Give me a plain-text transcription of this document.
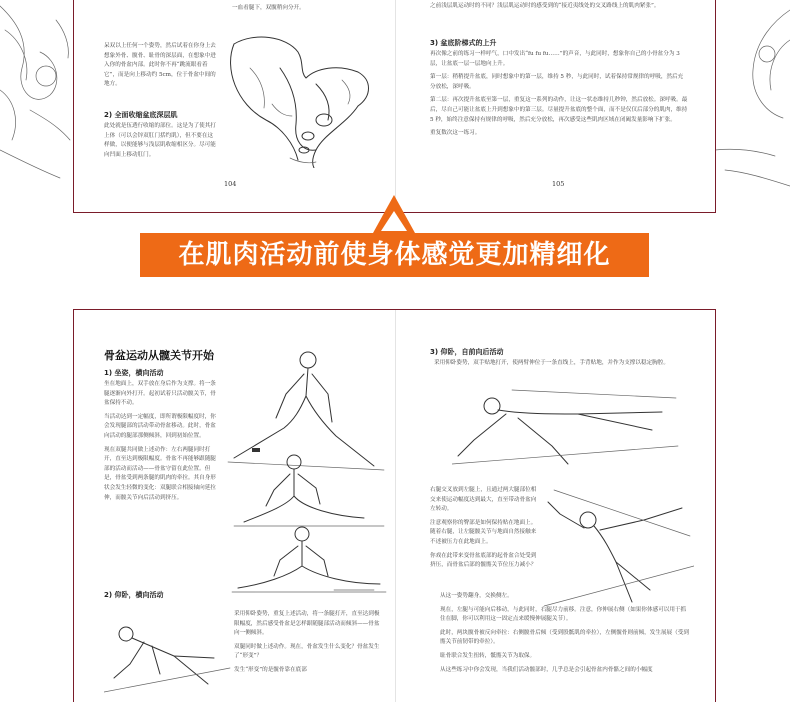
一血看腿下，双髋稍向分开。

呆双以上任何一个姿势，然后试着在你身上去想象外骨、髋骨、耻骨的深层面，在想象中进入你的骨盆内部。此时你不再“跳流眼看着它”，而是向上移动约 5cm，位于骨盆中间的地方。

2) 全面收缩盆底深层肌

此处就是伍透行收缩的部位。这是为了使其打上体（可以会锌双肛门括约肌），但不要在这样做，以便能够与浅层肌收缩相区分。尽可能向凹面上移动肛门。

104
之前浅层肌运动时的不同？浅层肌运动时的感受到的“接近夷线处的交叉路线上的肌肉紧张”。
3) 盆底阶梯式的上升

再次像之前的练习一样呼气，口中发出“fu fu fu……”的声音，与此同时，想象你自己的小骨盆分为 3 层，让盆底一层一层地向上升。

第一层：稍稍提升盆底，同时想象中的第一层，维持 5 秒，与此同时，试着保持常规律的呼吸，然后充分放松，深呼吸。

第二层：再次提升盆底至第一层，重复这一系列的动作，让这一状态维持几秒钟，然后放松。深呼吸。最后，尽自己可能让盆底上升到想象中的第三层。尽量提升盆底的整个面，而不是仅仅后部分的肌肉，维持 5 秒，始终注意保持有规律的呼吸，然后充分放松，再次感受这些肌肉区域在闭阖发量影响下扩张。

重复数次这一练习。

105
在肌肉活动前使身体感觉更加精细化
骨盆运动从髋关节开始
1) 坐姿，横向活动

坐在地面上，双手放在身后作为支撑。将一条腿逐渐向外打开。起初试着只活动髋关节，骨盆保持不动。

当活动达到一定幅度，即所谓极限幅度时，你会发现腿部的活动带动骨盆移动。此时，骨盆向活动的腿部那侧倾斜，回到初始位置。

现在双腿共同做上述动作：左右两腿同时打开，直至达到极限幅度。骨盆不再能够跟随腿部的活动而活动——骨盆守留在此位置。但是，骨盆受到两条腿的肌肉的牵拉。其自身形状会发生轻微的变化：双腿联合相接轴向延拉伸，而髋关节向后活动到挤压。

2) 仰卧，横向活动

采用仰卧姿势，重复上述活动，将一条腿打开，直至达到极限幅度，然后感受骨盆是怎样跟随腿部活动而倾斜——骨盆向一侧倾斜。

双腿同时做上述动作。现在，骨盆发生什么变化？骨盆发生了“形变”？

发生“形变”的是髋骨靠在底部

3) 仰卧，自前向后活动

采用仰卧姿势，双手贴地打开，使两臂伸位于一条直线上，手背贴地，并作为支撑以稳定胸腔。

右腿交叉放到左腿上，且通过两大腿部位相交来使运动幅度达到最大，直至带动骨盆向左转动。

注意观察你的臀部是如何保持贴在地面上。随着右腿，让左腿髋关节与地面自然接触来不述被压力在此地面上。

你戏在此带来变骨盆底部的起骨盆合处受到挤压，而骨盆后部的髋髂关节位压力减小？

从这一姿势翻身，交换侧左。

现在，左腿与可能向后移动，与此同时，右腿尽力前移。注意，你伸展右侧（如果你体感可以用于抓住在脚，你可以利用这一固定点来缓慢伸展腿关节）。

此时，两块髋骨被反向牵拉：右侧髋骨后倾（受到股骶肌的牵拉），左侧髋骨则前倾，发生展展（受到髂关节前韧带的牵拉）。

耻骨联合发生扭转，骶髂关节为取保。

从这些练习中你会发现，当我们活动髋部时，几乎总是会引起骨盆内骨骼之间的小幅度
